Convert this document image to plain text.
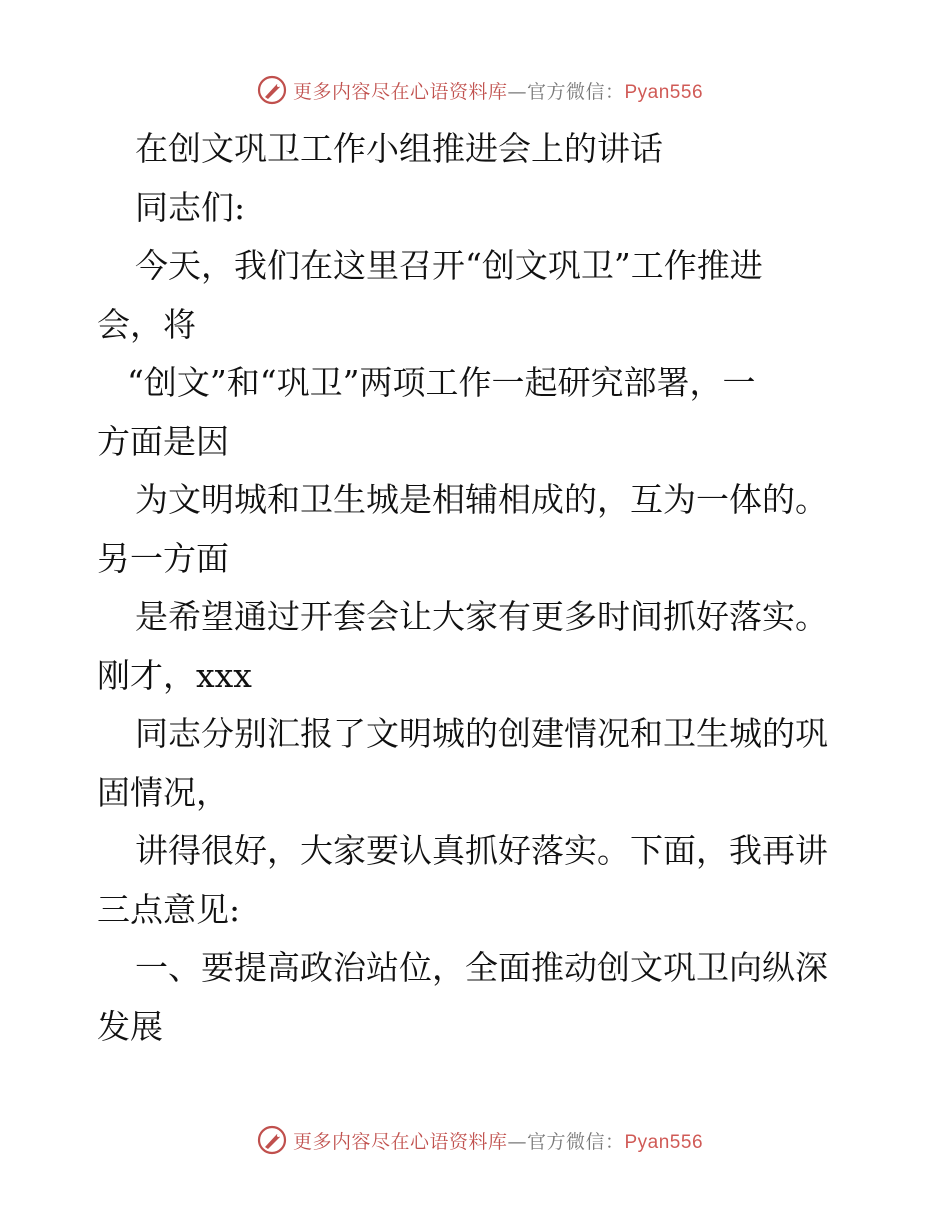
更多内容尽在心语资料库—官方微信：Pyan556
在创文巩卫工作小组推进会上的讲话
同志们:
今天，我们在这里召开“创文巩卫”工作推进
会，将
“创文”和“巩卫”两项工作一起研究部署，一
方面是因
为文明城和卫生城是相辅相成的，互为一体的。
另一方面
是希望通过开套会让大家有更多时间抓好落实。
刚才，xxx
同志分别汇报了文明城的创建情况和卫生城的巩
固情况，
讲得很好，大家要认真抓好落实。下面，我再讲
三点意见:
一、要提高政治站位，全面推动创文巩卫向纵深
发展
更多内容尽在心语资料库—官方微信：Pyan556
